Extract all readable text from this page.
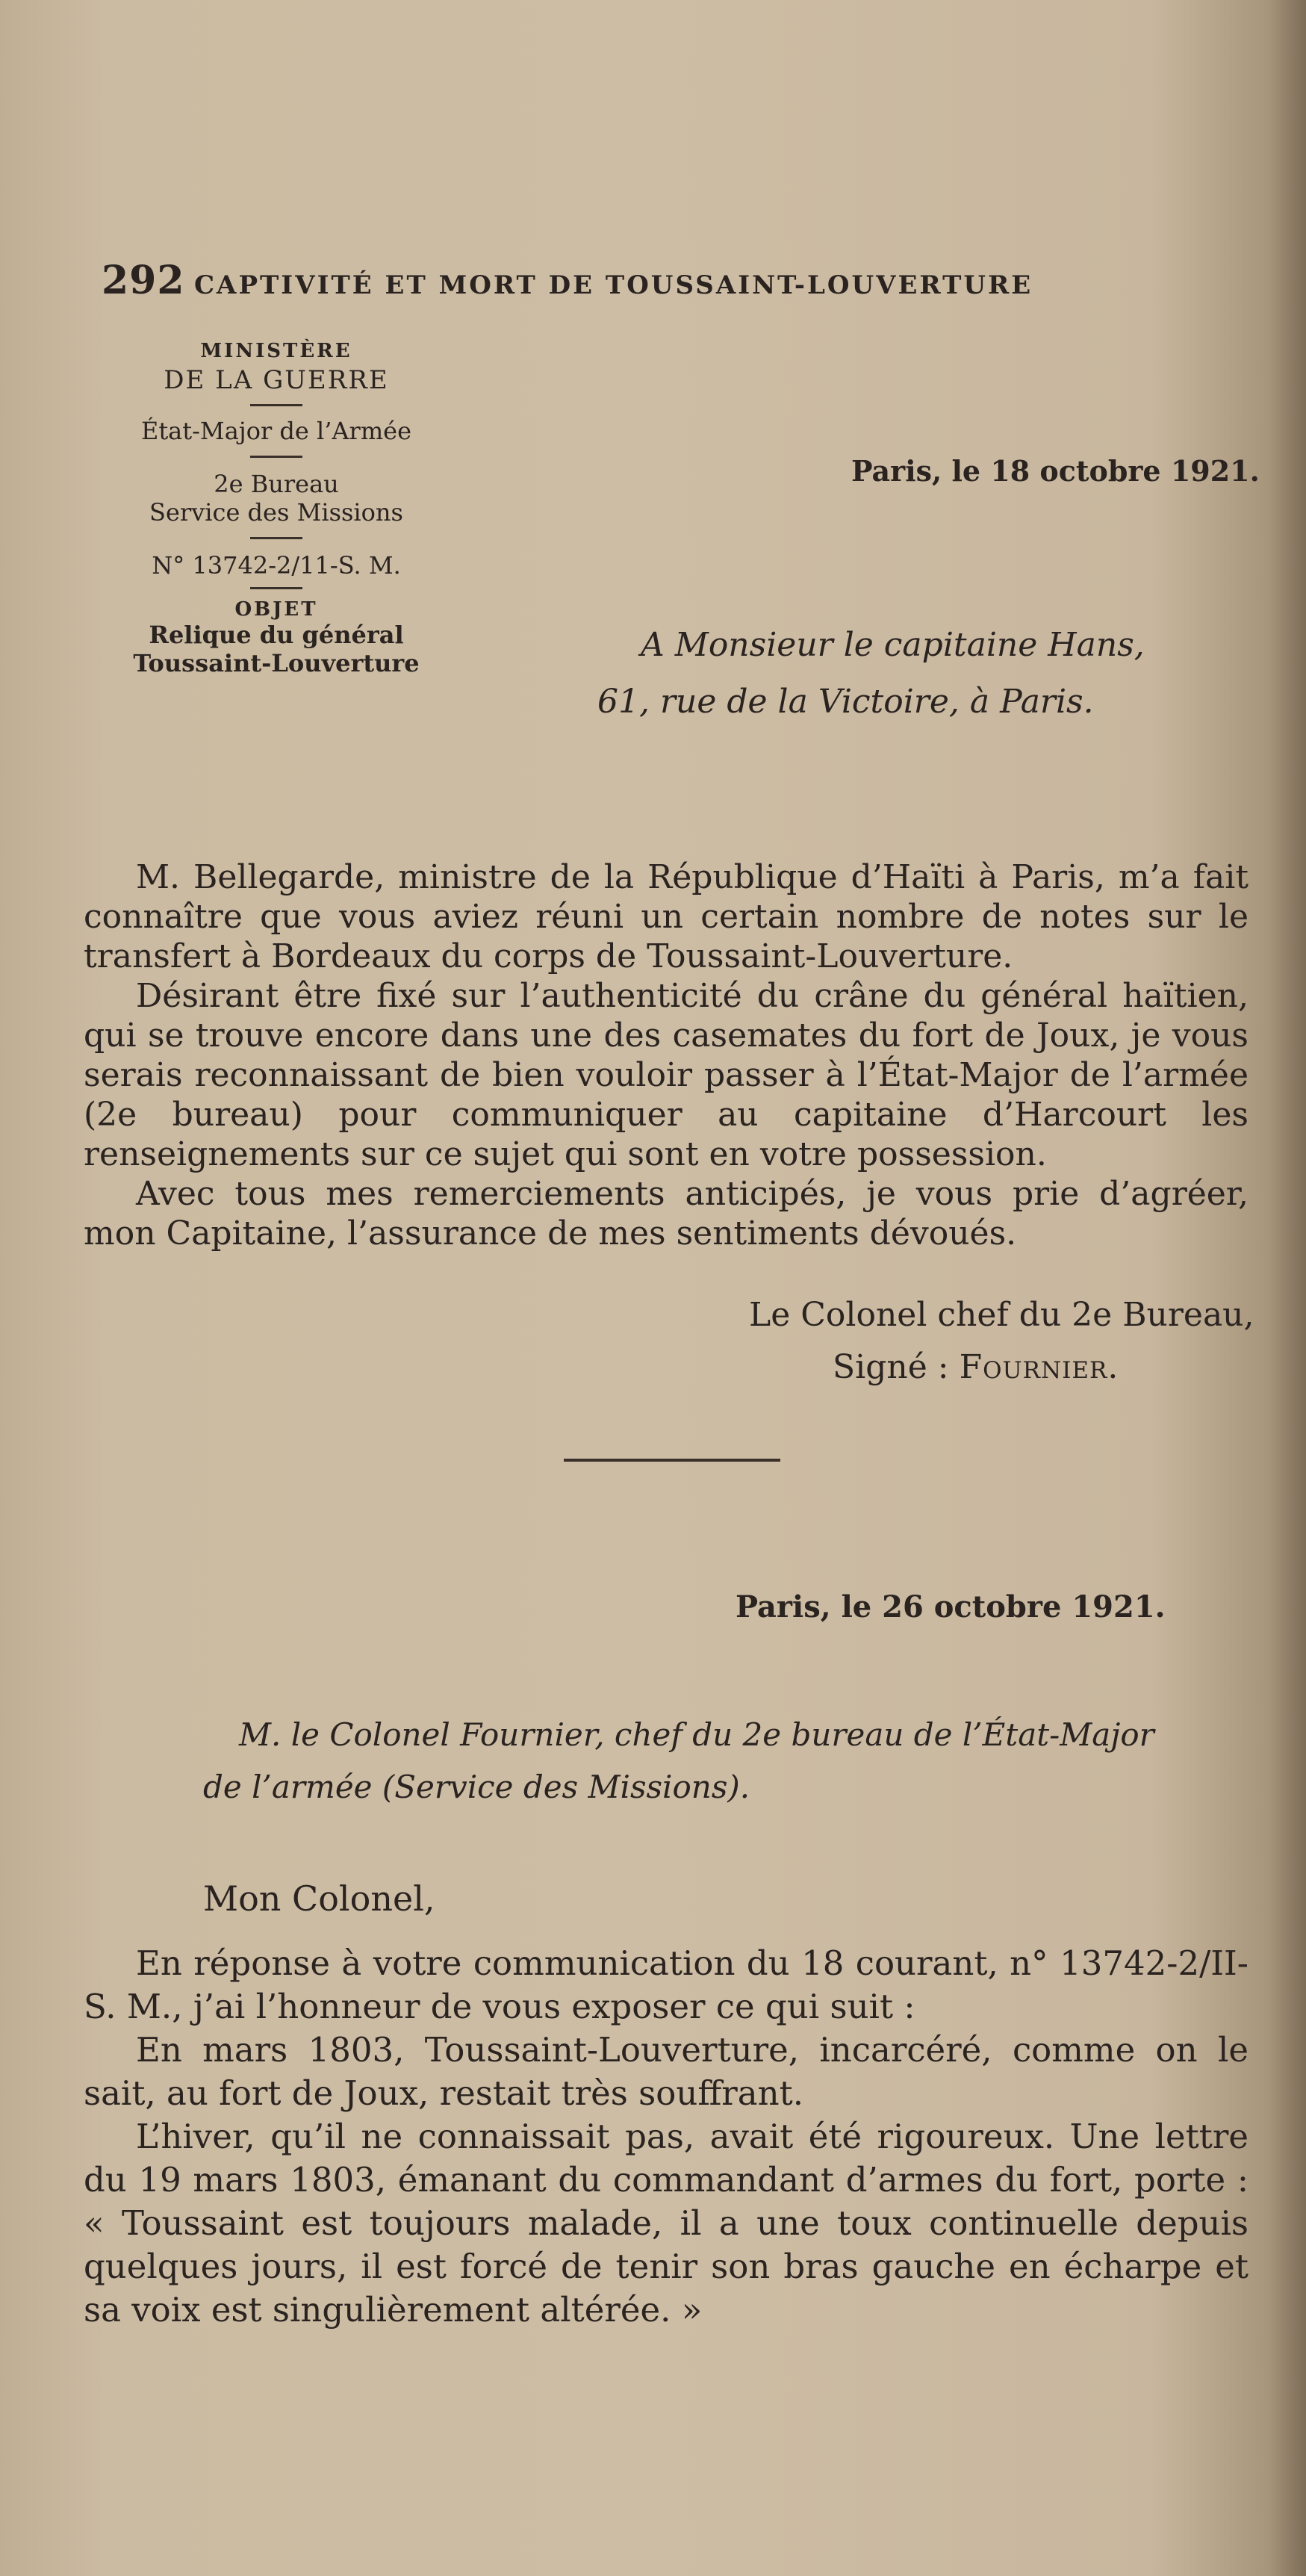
292 CAPTIVITÉ ET MORT DE TOUSSAINT-LOUVERTURE
MINISTÈRE
DE LA GUERRE
État-Major de l’Armée
2e Bureau
Service des Missions
N° 13742-2/11-S. M.
OBJET
Relique du général
Toussaint-Louverture
Paris, le 18 octobre 1921.
A Monsieur le capitaine Hans,
61, rue de la Victoire, à Paris.

M. Bellegarde, ministre de la République d’Haïti à Paris, m’a fait connaître que vous aviez réuni un certain nombre de notes sur le transfert à Bordeaux du corps de Toussaint-Louverture.

Désirant être fixé sur l’authenticité du crâne du général haïtien, qui se trouve encore dans une des casemates du fort de Joux, je vous serais reconnaissant de bien vouloir passer à l’État-Major de l’armée (2e bureau) pour communiquer au capitaine d’Harcourt les renseignements sur ce sujet qui sont en votre possession.

Avec tous mes remerciements anticipés, je vous prie d’agréer, mon Capitaine, l’assurance de mes sentiments dévoués.

Le Colonel chef du 2e Bureau,
Signé : Fournier.
Paris, le 26 octobre 1921.
M. le Colonel Fournier, chef du 2e bureau de l’État-Major
de l’armée (Service des Missions).
Mon Colonel,

En réponse à votre communication du 18 courant, n° 13742-2/II-S. M., j’ai l’honneur de vous exposer ce qui suit :

En mars 1803, Toussaint-Louverture, incarcéré, comme on le sait, au fort de Joux, restait très souffrant.

L’hiver, qu’il ne connaissait pas, avait été rigoureux. Une lettre du 19 mars 1803, émanant du commandant d’armes du fort, porte : « Toussaint est toujours malade, il a une toux continuelle depuis quelques jours, il est forcé de tenir son bras gauche en écharpe et sa voix est singulièrement altérée. »
